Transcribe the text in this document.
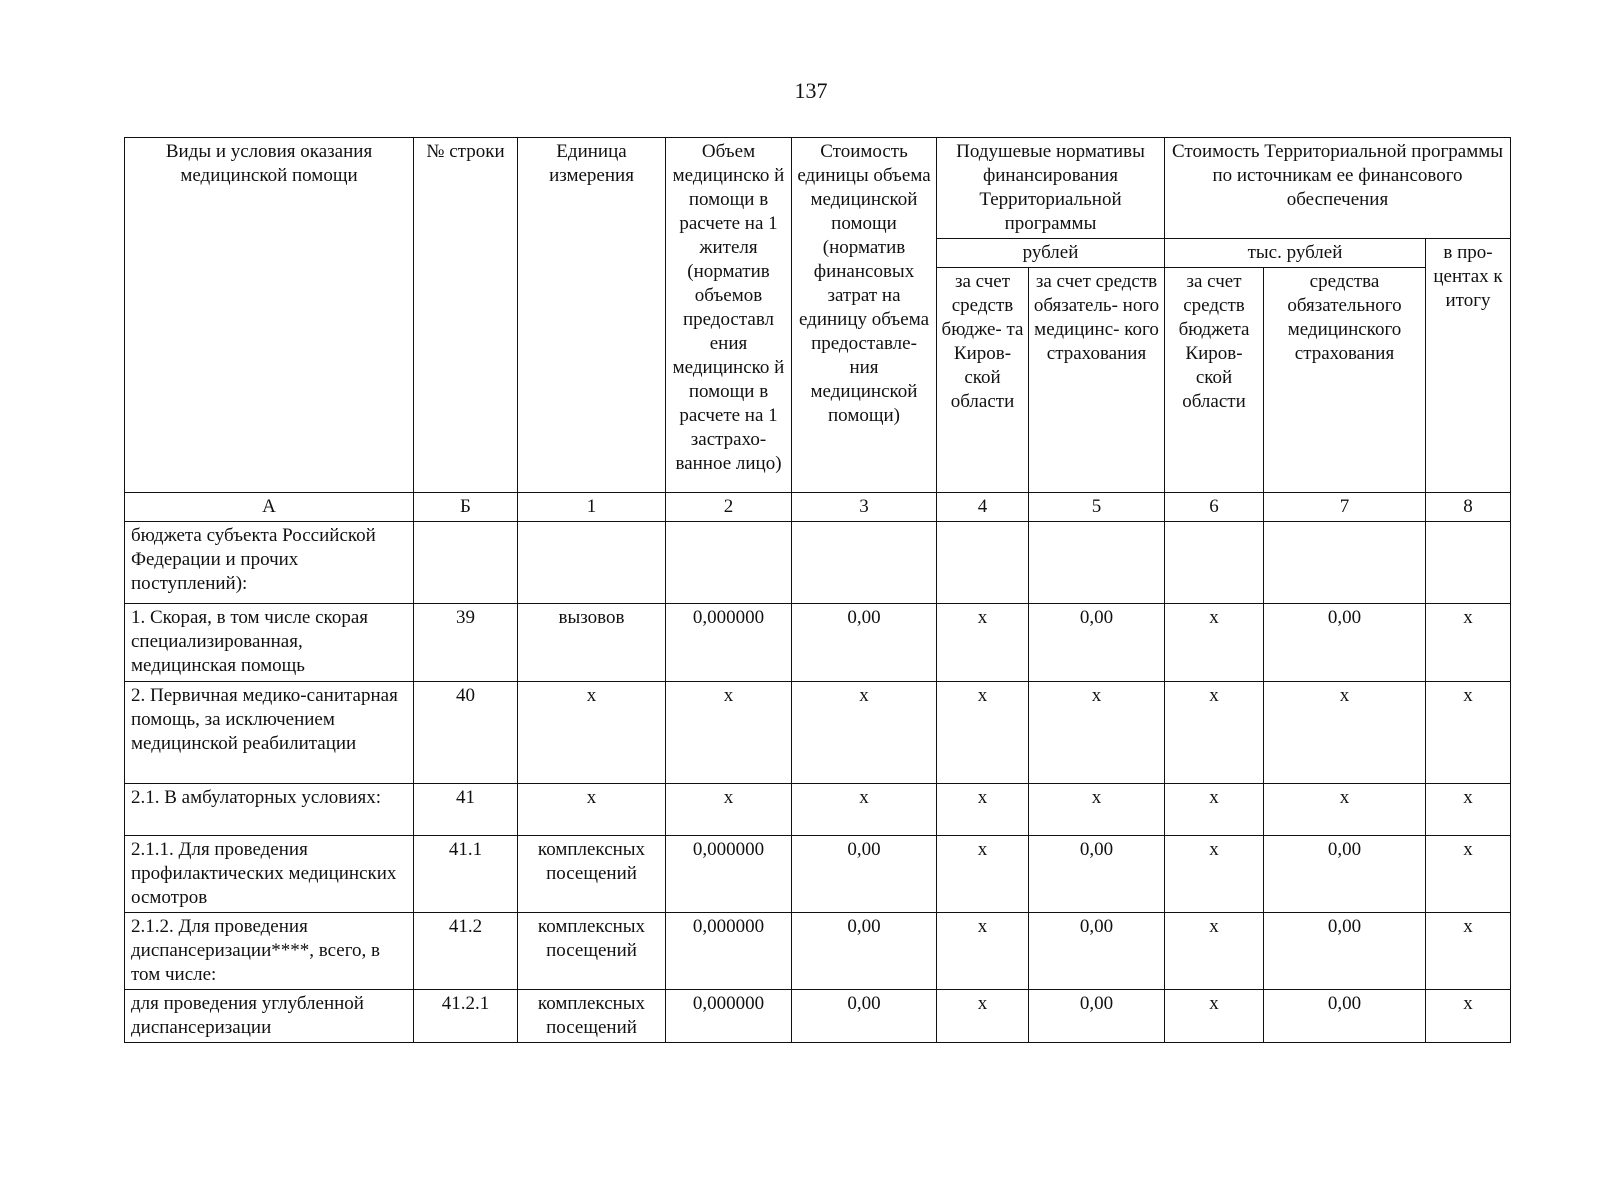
137
Виды и условия оказания медицинской помощи	№ строки	Единица измерения	Объем медицинско й помощи в расчете на 1 жителя (норматив объемов предоставл ения медицинско й помощи в расчете на 1 застрахо- ванное лицо)	Стоимость единицы объема медицинской помощи (норматив финансовых затрат на единицу объема предоставле- ния медицинской помощи)	Подушевые нормативы финансирования Территориальной программы		Стоимость Территориальной программы по источникам ее финансового обеспечения		
					рублей		тыс. рублей		в про- центах к итогу
					за счет средств бюдже- та Киров- ской области	за счет средств обязатель- ного медицинс- кого страхования	за счет средств бюджета Киров- ской области	средства обязательного медицинского страхования	
А	Б	1	2	3	4	5	6	7	8
бюджета субъекта Российской Федерации и прочих поступлений):									
1. Скорая, в том числе скорая специализированная, медицинская помощь	39	вызовов	0,000000	0,00	х	0,00	х	0,00	х
2. Первичная медико-санитарная помощь, за исключением медицинской реабилитации	40	х	х	х	х	х	х	х	х
2.1. В амбулаторных условиях:	41	х	х	х	х	х	х	х	х
2.1.1. Для проведения профилактических медицинских осмотров	41.1	комплексных посещений	0,000000	0,00	х	0,00	х	0,00	х
2.1.2. Для проведения диспансеризации****, всего, в том числе:	41.2	комплексных посещений	0,000000	0,00	х	0,00	х	0,00	х
для проведения углубленной диспансеризации	41.2.1	комплексных посещений	0,000000	0,00	х	0,00	х	0,00	х
